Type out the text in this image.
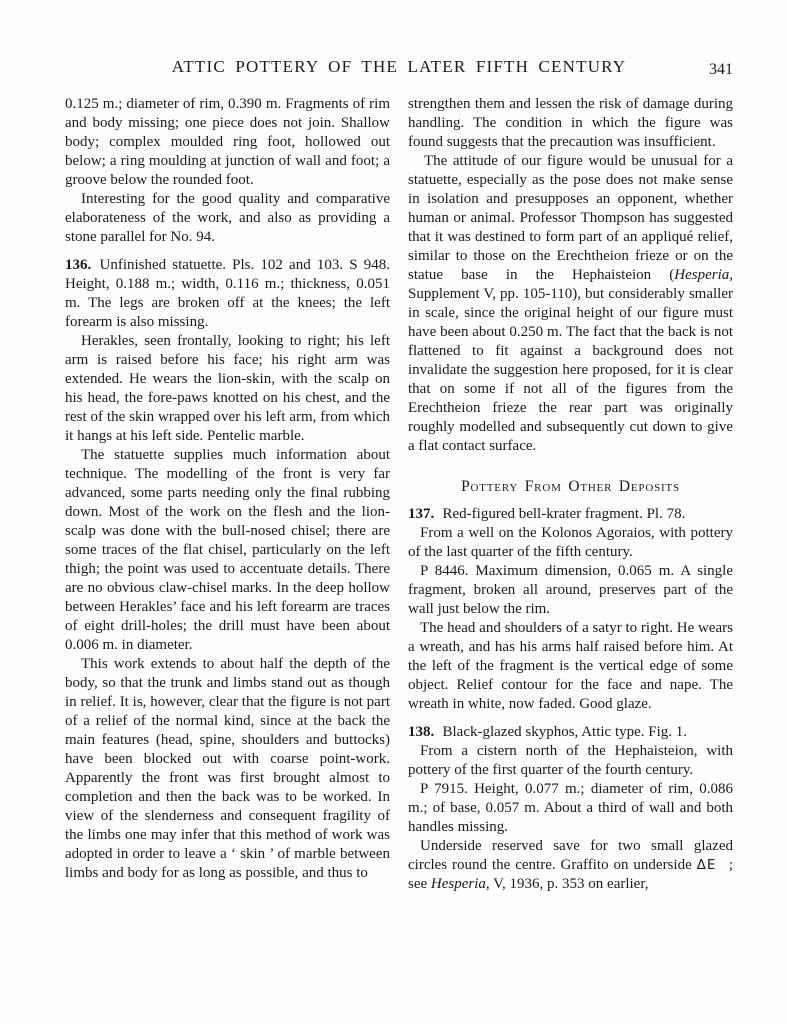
ATTIC POTTERY OF THE LATER FIFTH CENTURY	341

0.125 m.; diameter of rim, 0.390 m. Fragments of rim and body missing; one piece does not join. Shallow body; complex moulded ring foot, hollowed out below; a ring moulding at junction of wall and foot; a groove below the rounded foot.

Interesting for the good quality and comparative elaborateness of the work, and also as providing a stone parallel for No. 94.

136. Unfinished statuette. Pls. 102 and 103. S 948. Height, 0.188 m.; width, 0.116 m.; thickness, 0.051 m. The legs are broken off at the knees; the left forearm is also missing.

Herakles, seen frontally, looking to right; his left arm is raised before his face; his right arm was extended. He wears the lion-skin, with the scalp on his head, the fore-paws knotted on his chest, and the rest of the skin wrapped over his left arm, from which it hangs at his left side. Pentelic marble.

The statuette supplies much information about technique. The modelling of the front is very far advanced, some parts needing only the final rubbing down. Most of the work on the flesh and the lion-scalp was done with the bull-nosed chisel; there are some traces of the flat chisel, particularly on the left thigh; the point was used to accentuate details. There are no obvious claw-chisel marks. In the deep hollow between Herakles’ face and his left forearm are traces of eight drill-holes; the drill must have been about 0.006 m. in diameter.

This work extends to about half the depth of the body, so that the trunk and limbs stand out as though in relief. It is, however, clear that the figure is not part of a relief of the normal kind, since at the back the main features (head, spine, shoulders and buttocks) have been blocked out with coarse point-work. Apparently the front was first brought almost to completion and then the back was to be worked. In view of the slenderness and consequent fragility of the limbs one may infer that this method of work was adopted in order to leave a ‘ skin ’ of marble between limbs and body for as long as possible, and thus to

strengthen them and lessen the risk of damage during handling. The condition in which the figure was found suggests that the precaution was insufficient.

The attitude of our figure would be unusual for a statuette, especially as the pose does not make sense in isolation and presupposes an opponent, whether human or animal. Professor Thompson has suggested that it was destined to form part of an appliqué relief, similar to those on the Erechtheion frieze or on the statue base in the Hephaisteion (Hesperia, Supplement V, pp. 105-110), but considerably smaller in scale, since the original height of our figure must have been about 0.250 m. The fact that the back is not flattened to fit against a background does not invalidate the suggestion here proposed, for it is clear that on some if not all of the figures from the Erechtheion frieze the rear part was originally roughly modelled and subsequently cut down to give a flat contact surface.

Pottery From Other Deposits

137. Red-figured bell-krater fragment. Pl. 78.

From a well on the Kolonos Agoraios, with pottery of the last quarter of the fifth century.

P 8446. Maximum dimension, 0.065 m. A single fragment, broken all around, preserves part of the wall just below the rim.

The head and shoulders of a satyr to right. He wears a wreath, and has his arms half raised before him. At the left of the fragment is the vertical edge of some object. Relief contour for the face and nape. The wreath in white, now faded. Good glaze.

138. Black-glazed skyphos, Attic type. Fig. 1.

From a cistern north of the Hephaisteion, with pottery of the first quarter of the fourth century.

P 7915. Height, 0.077 m.; diameter of rim, 0.086 m.; of base, 0.057 m. About a third of wall and both handles missing.

Underside reserved save for two small glazed circles round the centre. Graffito on underside ΔΕ  ; see Hesperia, V, 1936, p. 353 on earlier,
